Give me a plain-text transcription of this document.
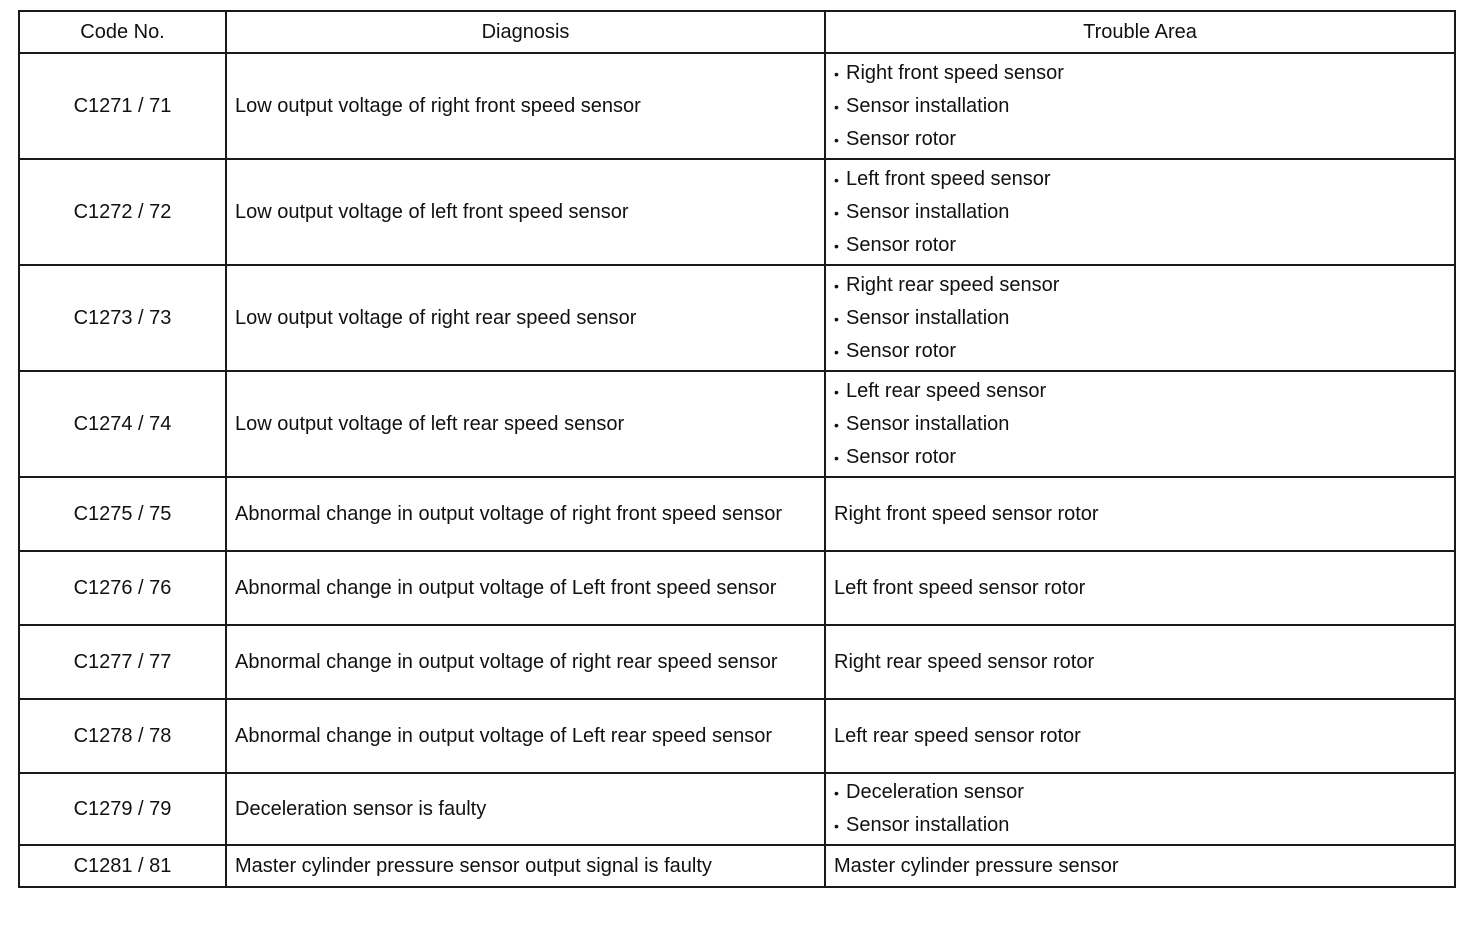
Code No.	Diagnosis	Trouble Area
C1271 / 71	Low output voltage of right front speed sensor	• Right front speed sensor
• Sensor installation
• Sensor rotor

C1272 / 72	Low output voltage of left front speed sensor	• Left front speed sensor
• Sensor installation
• Sensor rotor

C1273 / 73	Low output voltage of right rear speed sensor	• Right rear speed sensor
• Sensor installation
• Sensor rotor

C1274 / 74	Low output voltage of left rear speed sensor	• Left rear speed sensor
• Sensor installation
• Sensor rotor

C1275 / 75	Abnormal change in output voltage of right front speed sensor	Right front speed sensor rotor
C1276 / 76	Abnormal change in output voltage of Left front speed sensor	Left front speed sensor rotor
C1277 / 77	Abnormal change in output voltage of right rear speed sensor	Right rear speed sensor rotor
C1278 / 78	Abnormal change in output voltage of Left rear speed sensor	Left rear speed sensor rotor
C1279 / 79	Deceleration sensor is faulty	• Deceleration sensor
• Sensor installation

C1281 / 81	Master cylinder pressure sensor output signal is faulty	Master cylinder pressure sensor
